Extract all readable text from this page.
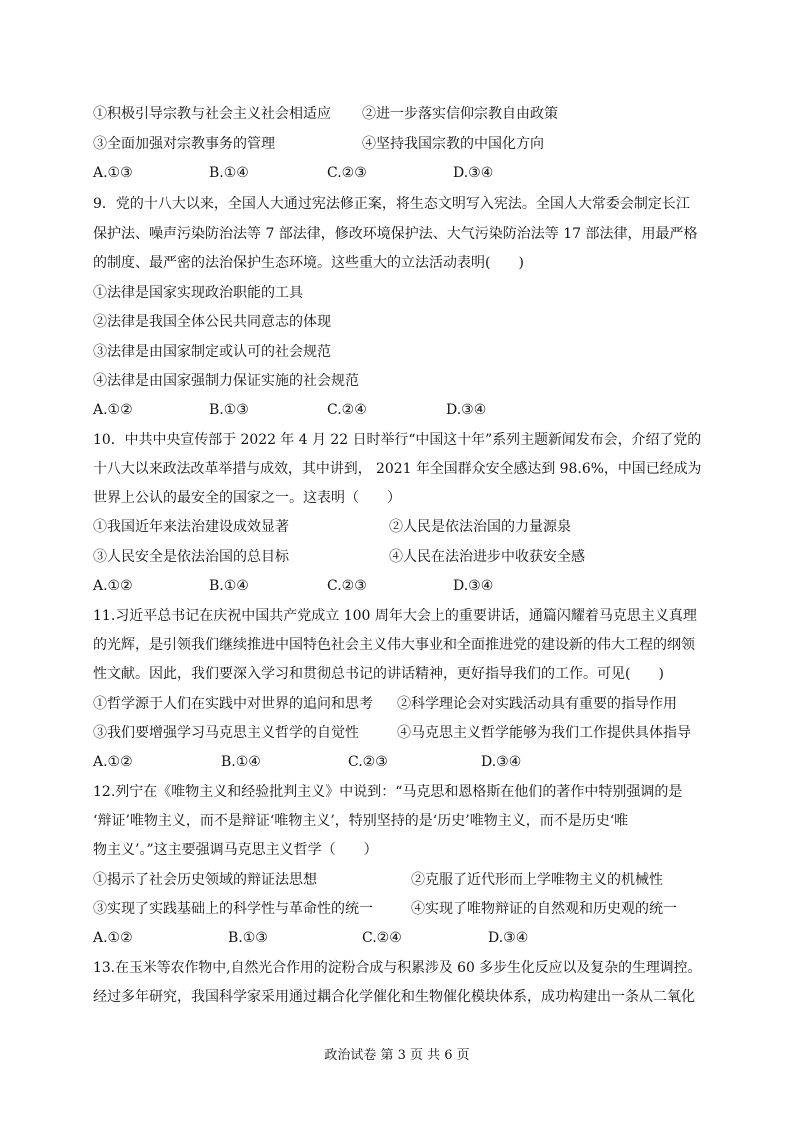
①积极引导宗教与社会主义社会相适应 ②进一步落实信仰宗教自由政策
③全面加强对宗教事务的管理	④坚持我国宗教的中国化方向
A.①③	B.①④	C.②③	D.③④
9．党的十八大以来，全国人大通过宪法修正案，将生态文明写入宪法。全国人大常委会制定长江
保护法、噪声污染防治法等 7 部法律，修改环境保护法、大气污染防治法等 17 部法律，用最严格
的制度、最严密的法治保护生态环境。这些重大的立法活动表明(　　)
①法律是国家实现政治职能的工具
②法律是我国全体公民共同意志的体现
③法律是由国家制定或认可的社会规范
④法律是由国家强制力保证实施的社会规范
A.①②	B.①③	C.②④	D.③④
10．中共中央宣传部于 2022 年 4 月 22 日时举行“中国这十年”系列主题新闻发布会，介绍了党的
十八大以来政法改革举措与成效，其中讲到， 2021 年全国群众安全感达到 98.6%，中国已经成为
世界上公认的最安全的国家之一。这表明（　　）
①我国近年来法治建设成效显著	②人民是依法治国的力量源泉
③人民安全是依法治国的总目标	④人民在法治进步中收获安全感
A.①②	B.①④	C.②③	D.③④
11.习近平总书记在庆祝中国共产党成立 100 周年大会上的重要讲话，通篇闪耀着马克思主义真理
的光辉，是引领我们继续推进中国特色社会主义伟大事业和全面推进党的建设新的伟大工程的纲领
性文献。因此，我们要深入学习和贯彻总书记的讲话精神，更好指导我们的工作。可见(　　)
①哲学源于人们在实践中对世界的追问和思考 ②科学理论会对实践活动具有重要的指导作用
③我们要增强学习马克思主义哲学的自觉性	④马克思主义哲学能够为我们工作提供具体指导
A.①②	B.①④	C.②③	D.③④
12.列宁在《唯物主义和经验批判主义》中说到：“马克思和恩格斯在他们的著作中特别强调的是
‘辩证’唯物主义，而不是辩证‘唯物主义’，特别坚持的是‘历史’唯物主义，而不是历史‘唯
物主义’。”这主要强调马克思主义哲学（　　）
①揭示了社会历史领域的辩证法思想	②克服了近代形而上学唯物主义的机械性
③实现了实践基础上的科学性与革命性的统一	④实现了唯物辩证的自然观和历史观的统一
A.①②	B.①③	C.②④	D.③④
13.在玉米等农作物中,自然光合作用的淀粉合成与积累涉及 60 多步生化反应以及复杂的生理调控。
经过多年研究，我国科学家采用通过耦合化学催化和生物催化模块体系，成功构建出一条从二氧化
政治试卷 第 3 页 共 6 页
